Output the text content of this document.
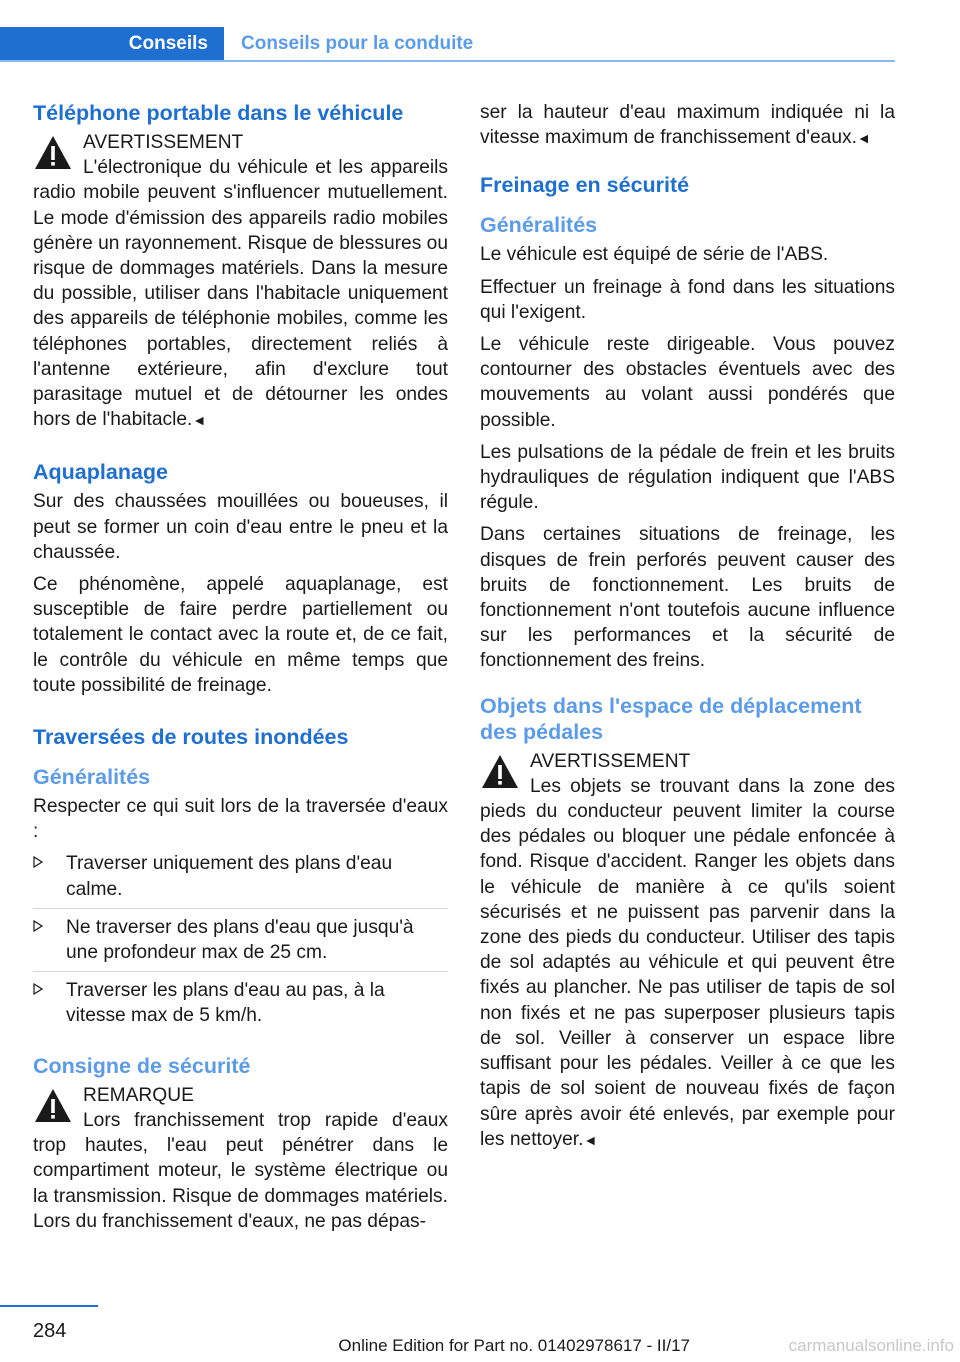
Conseils Conseils pour la conduite
Téléphone portable dans le véhicule
AVERTISSEMENT

L'électronique du véhicule et les appareils radio mobile peuvent s'influencer mutuellement. Le mode d'émission des appareils radio mobiles génère un rayonnement. Risque de blessures ou risque de dommages matériels. Dans la mesure du possible, utiliser dans l'habitacle uniquement des appareils de téléphonie mobiles, comme les téléphones portables, directement reliés à l'antenne extérieure, afin d'exclure tout parasitage mutuel et de détourner les ondes hors de l'habitacle.◄

Aquaplanage

Sur des chaussées mouillées ou boueuses, il peut se former un coin d'eau entre le pneu et la chaussée.

Ce phénomène, appelé aquaplanage, est susceptible de faire perdre partiellement ou totalement le contact avec la route et, de ce fait, le contrôle du véhicule en même temps que toute possibilité de freinage.

Traversées de routes inondées
Généralités

Respecter ce qui suit lors de la traversée d'eaux :

Traverser uniquement des plans d'eau calme.
Ne traverser des plans d'eau que jusqu'à une profondeur max de 25 cm.
Traverser les plans d'eau au pas, à la vitesse max de 5 km/h.
Consigne de sécurité
REMARQUE

Lors franchissement trop rapide d'eaux trop hautes, l'eau peut pénétrer dans le compartiment moteur, le système électrique ou la transmission. Risque de dommages matériels. Lors du franchissement d'eaux, ne pas dépas-

ser la hauteur d'eau maximum indiquée ni la vitesse maximum de franchissement d'eaux.◄

Freinage en sécurité
Généralités

Le véhicule est équipé de série de l'ABS.

Effectuer un freinage à fond dans les situations qui l'exigent.

Le véhicule reste dirigeable. Vous pouvez contourner des obstacles éventuels avec des mouvements au volant aussi pondérés que possible.

Les pulsations de la pédale de frein et les bruits hydrauliques de régulation indiquent que l'ABS régule.

Dans certaines situations de freinage, les disques de frein perforés peuvent causer des bruits de fonctionnement. Les bruits de fonctionnement n'ont toutefois aucune influence sur les performances et la sécurité de fonctionnement des freins.

Objets dans l'espace de déplacement des pédales
AVERTISSEMENT

Les objets se trouvant dans la zone des pieds du conducteur peuvent limiter la course des pédales ou bloquer une pédale enfoncée à fond. Risque d'accident. Ranger les objets dans le véhicule de manière à ce qu'ils soient sécurisés et ne puissent pas parvenir dans la zone des pieds du conducteur. Utiliser des tapis de sol adaptés au véhicule et qui peuvent être fixés au plancher. Ne pas utiliser de tapis de sol non fixés et ne pas superposer plusieurs tapis de sol. Veiller à conserver un espace libre suffisant pour les pédales. Veiller à ce que les tapis de sol soient de nouveau fixés de façon sûre après avoir été enlevés, par exemple pour les nettoyer.◄

284
Online Edition for Part no. 01402978617 - II/17	carmanualsonline.info
